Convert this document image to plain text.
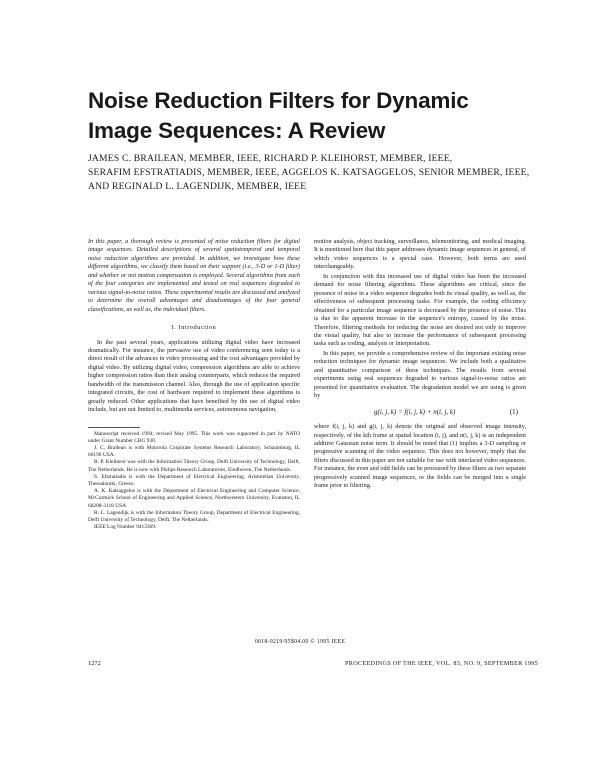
Noise Reduction Filters for Dynamic
Image Sequences: A Review
JAMES C. BRAILEAN, MEMBER, IEEE, RICHARD P. KLEIHORST, MEMBER, IEEE,
SERAFIM EFSTRATIADIS, MEMBER, IEEE, AGGELOS K. KATSAGGELOS, SENIOR MEMBER, IEEE,
AND REGINALD L. LAGENDIJK, MEMBER, IEEE

In this paper, a thorough review is presented of noise reduction filters for digital image sequences. Detailed descriptions of several spatiotemporal and temporal noise reduction algorithms are provided. In addition, we investigate how these different algorithms, we classify them based on their support (i.e., 3-D or 1-D filter) and whether or not motion compensation is employed. Several algorithms from each of the four categories are implemented and tested on real sequences degraded to various signal-to-noise ratios. These experimental results are discussed and analyzed to determine the overall advantages and disadvantages of the four general classifications, as well as, the individual filters.

I. Introduction

In the past several years, applications utilizing digital video have increased dramatically. For instance, the pervasive use of video conferencing seen today is a direct result of the advances in video processing and the cost advantages provided by digital video. By utilizing digital video, compression algorithms are able to achieve higher compression ratios than their analog counterparts, which reduces the required bandwidth of the transmission channel. Also, through the use of application specific integrated circuits, the cost of hardware required to implement these algorithms is greatly reduced. Other applications that have benefited by the use of digital video include, but are not limited to, multimedia services, autonomous navigation,

Manuscript received 1994; revised May 1995. This work was supported in part by NATO under Grant Number CRG 930.

J. C. Brailean is with Motorola Corporate Systems Research Laboratory, Schaumburg, IL 60196 USA.

R. P. Kleihorst was with the Information Theory Group, Delft University of Technology, Delft, The Netherlands. He is now with Philips Research Laboratories, Eindhoven, The Netherlands.

S. Efstratiadis is with the Department of Electrical Engineering, Aristotelian University, Thessaloniki, Greece.

A. K. Katsaggelos is with the Department of Electrical Engineering and Computer Science, McCormick School of Engineering and Applied Science, Northwestern University, Evanston, IL 60208-3118 USA.

R. L. Lagendijk is with the Information Theory Group, Department of Electrical Engineering, Delft University of Technology, Delft, The Netherlands.

IEEE Log Number 9413369.

motion analysis, object tracking, surveillance, telemonitoring, and medical imaging. It is mentioned here that this paper addresses dynamic image sequences in general, of which video sequences is a special case. However, both terms are used interchangeably.

In conjunction with this increased use of digital video has been the increased demand for noise filtering algorithms. These algorithms are critical, since the presence of noise in a video sequence degrades both its visual quality, as well as, the effectiveness of subsequent processing tasks. For example, the coding efficiency obtained for a particular image sequence is decreased by the presence of noise. This is due to the apparent increase in the sequence's entropy, caused by the noise. Therefore, filtering methods for reducing the noise are desired not only to improve the visual quality, but also to increase the performance of subsequent processing tasks such as coding, analysis or interpretation.

In this paper, we provide a comprehensive review of the important existing noise reduction techniques for dynamic image sequences. We include both a qualitative and quantitative comparison of these techniques. The results from several experiments using real sequences degraded to various signal-to-noise ratios are presented for quantitative evaluation. The degradation model we are using is given by

g(i, j, k) = f(i, j, k) + n(i, j, k)	(1)

where f(i, j, k) and g(i, j, k) denote the original and observed image intensity, respectively, of the kth frame at spatial location (i, j), and n(i, j, k) is an independent additive Gaussian noise term. It should be noted that (1) implies a 3-D sampling or progressive scanning of the video sequence. This does not however, imply that the filters discussed in this paper are not suitable for use with interlaced video sequences. For instance, the even and odd fields can be processed by these filters as two separate progressively scanned image sequences, or the fields can be merged into a single frame prior to filtering.

0018-9219/95$04.00 © 1995 IEEE
1272	PROCEEDINGS OF THE IEEE, VOL. 83, NO. 9, SEPTEMBER 1995
